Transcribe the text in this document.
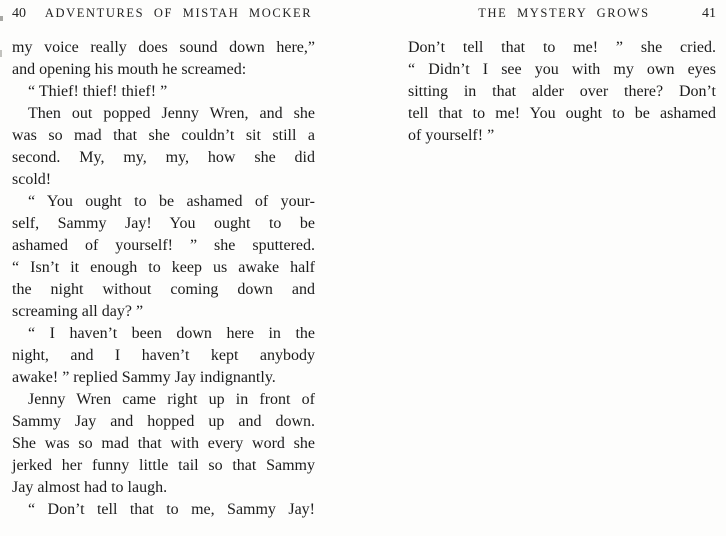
40	ADVENTURES OF MISTAH MOCKER
my voice really does sound down here,”
and opening his mouth he screamed:
“ Thief! thief! thief! ”
Then out popped Jenny Wren, and she
was so mad that she couldn’t sit still a
second. My, my, my, how she did
scold!
“ You ought to be ashamed of your-
self, Sammy Jay! You ought to be
ashamed of yourself! ” she sputtered.
“ Isn’t it enough to keep us awake half
the night without coming down and
screaming all day? ”
“ I haven’t been down here in the
night, and I haven’t kept anybody
awake! ” replied Sammy Jay indignantly.
Jenny Wren came right up in front of
Sammy Jay and hopped up and down.
She was so mad that with every word she
jerked her funny little tail so that Sammy
Jay almost had to laugh.
“ Don’t tell that to me, Sammy Jay!
THE MYSTERY GROWS	41
Don’t tell that to me! ” she cried.
“ Didn’t I see you with my own eyes
sitting in that alder over there? Don’t
tell that to me! You ought to be ashamed
of yourself! ”
